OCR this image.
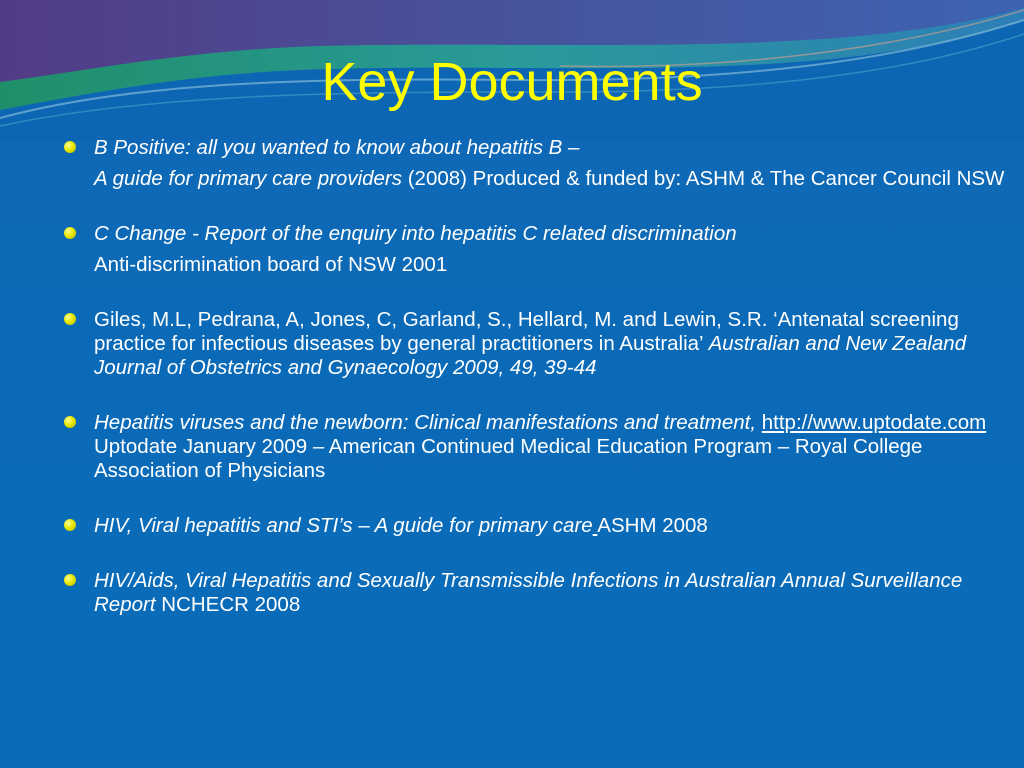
Key Documents
B Positive: all you wanted to know about hepatitis B –
A guide for primary care providers (2008) Produced & funded by: ASHM & The Cancer Council NSW
C Change - Report of the enquiry into hepatitis C related discrimination
Anti-discrimination board of NSW 2001
Giles, M.L, Pedrana, A, Jones, C, Garland, S., Hellard, M. and Lewin, S.R. ‘Antenatal screening practice for infectious diseases by general practitioners in Australia’ Australian and New Zealand Journal of Obstetrics and Gynaecology 2009, 49, 39-44
Hepatitis viruses and the newborn: Clinical manifestations and treatment, http://www.uptodate.com Uptodate January 2009 – American Continued Medical Education Program – Royal College Association of Physicians
HIV, Viral hepatitis and STI’s – A guide for primary care ASHM 2008
HIV/Aids, Viral Hepatitis and Sexually Transmissible Infections in Australian Annual Surveillance Report NCHECR 2008
